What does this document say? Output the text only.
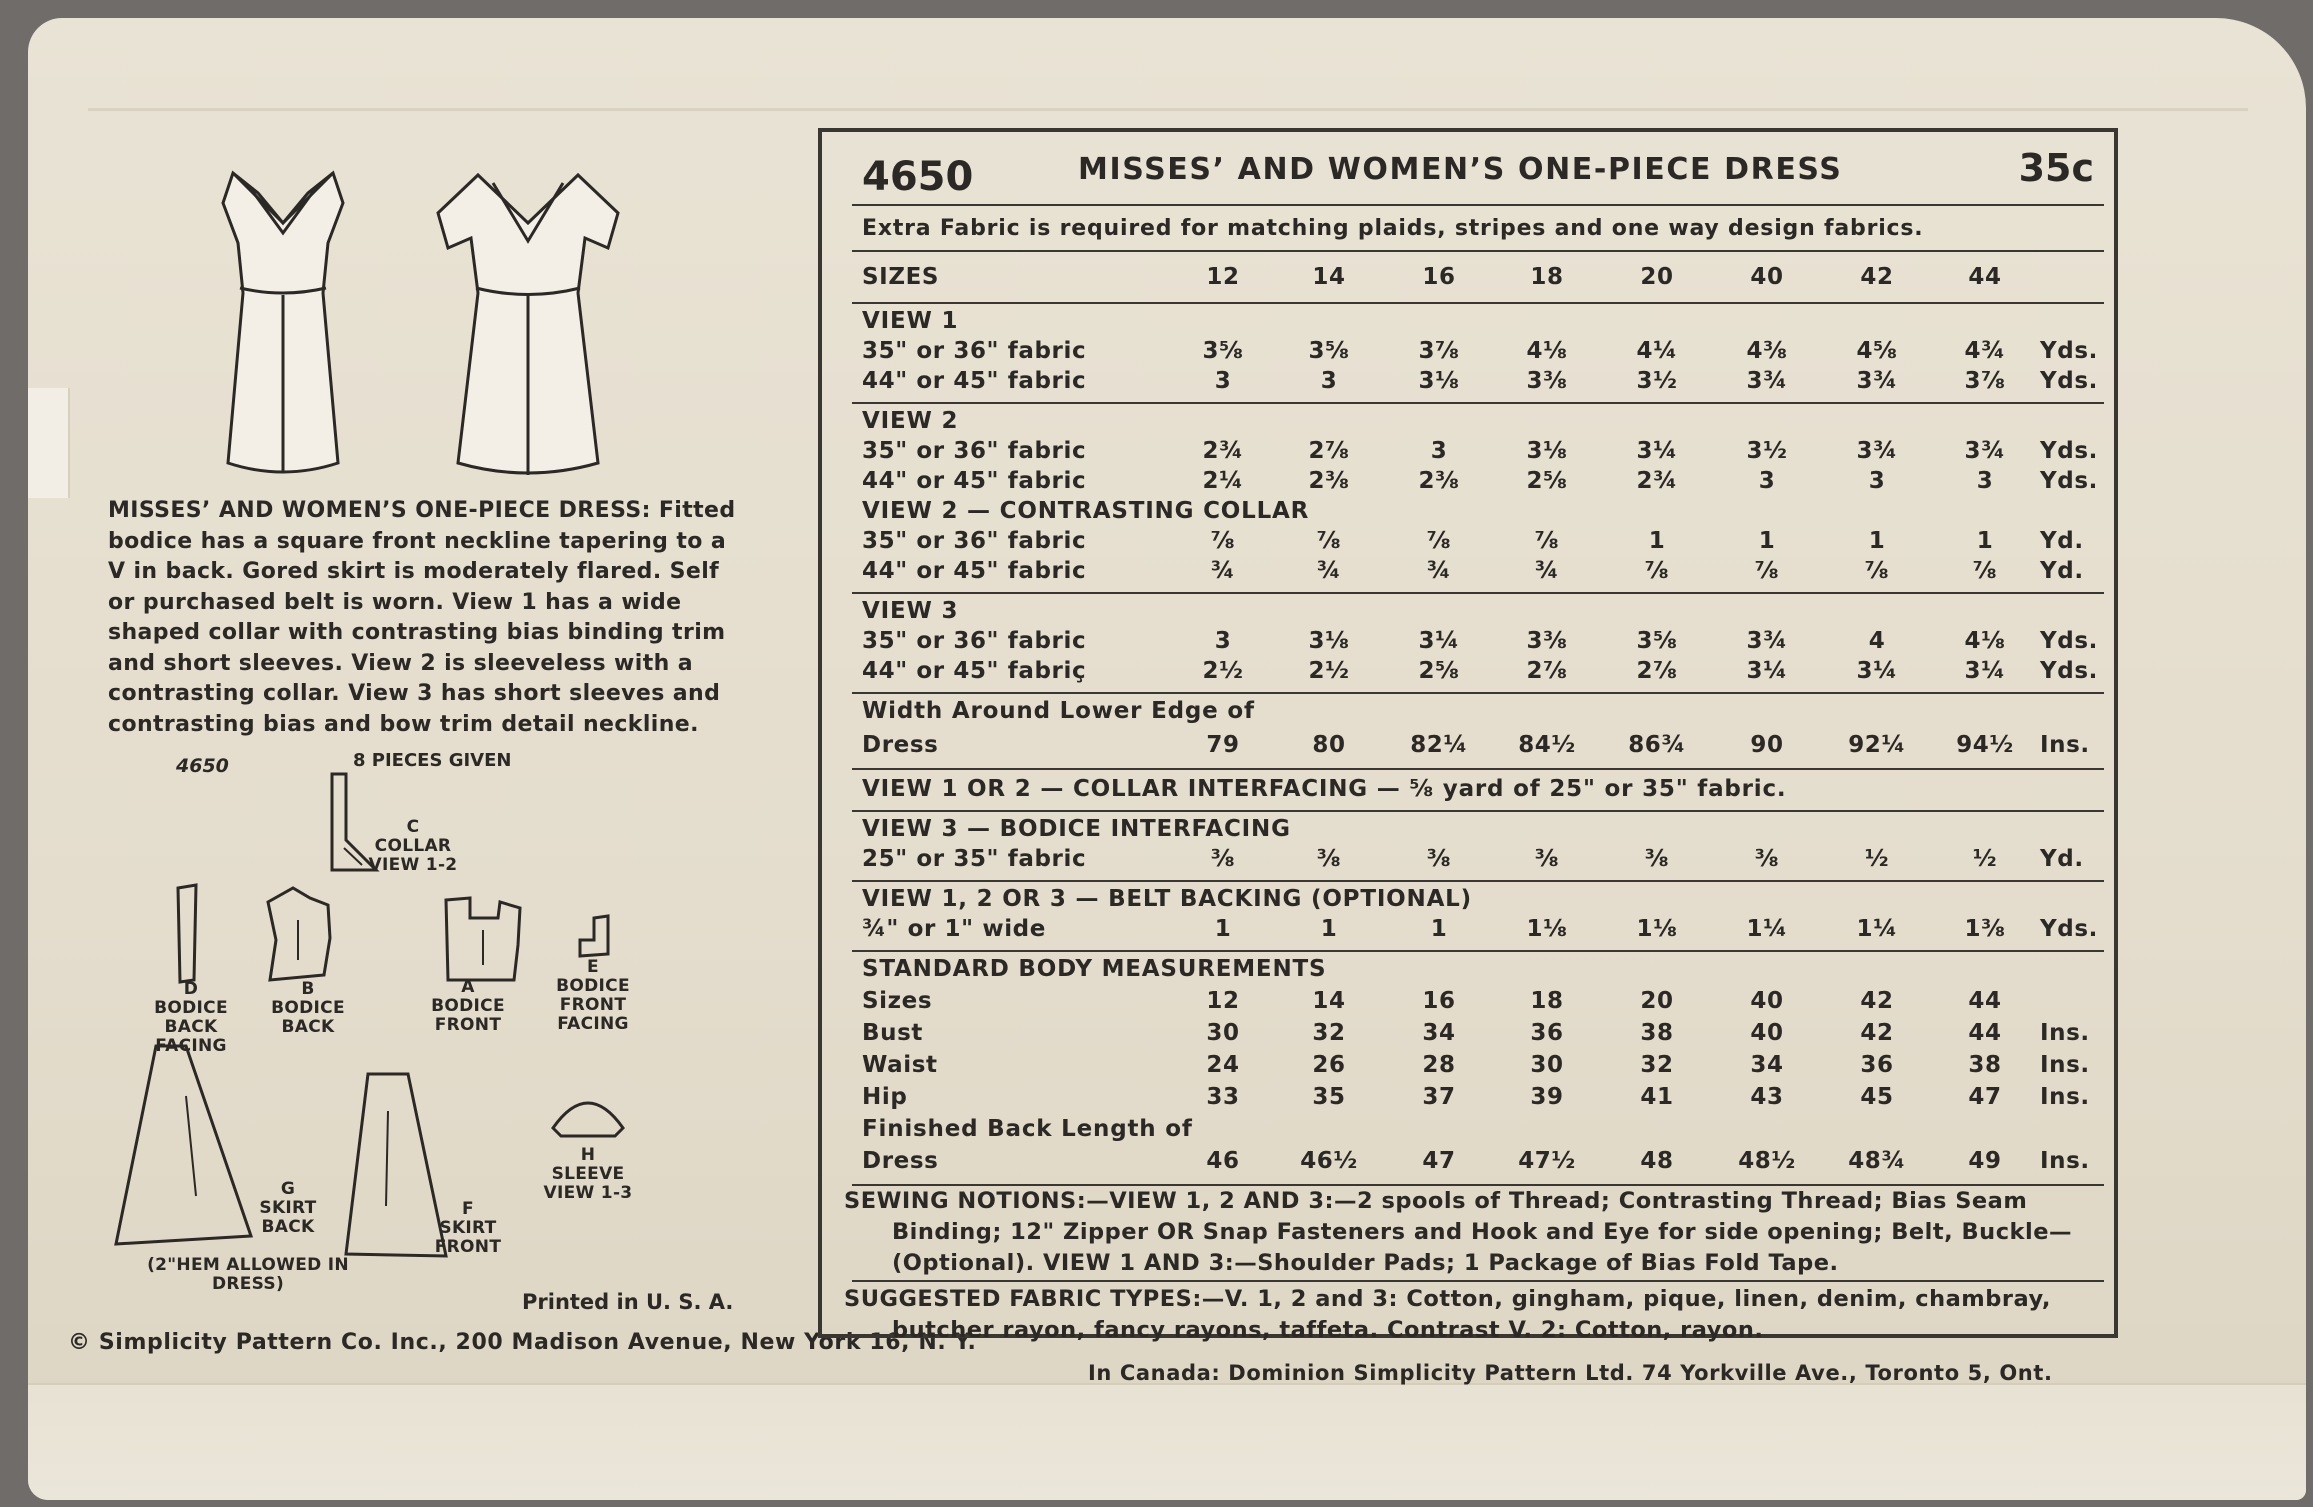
MISSES’ AND WOMEN’S ONE-PIECE DRESS: Fitted bodice has a square front neckline tapering to a V in back. Gored skirt is moderately flared. Self or purchased belt is worn. View 1 has a wide shaped collar with contrasting bias binding trim and short sleeves. View 2 is sleeveless with a contrasting collar. View 3 has short sleeves and contrasting bias and bow trim detail neckline.
4650	8 PIECES GIVEN
C
COLLAR VIEW 1-2
D
BODICE BACK FACING
B
BODICE BACK
A
BODICE FRONT
E
BODICE FRONT FACING
G
SKIRT BACK
(2"HEM ALLOWED IN DRESS)
F
SKIRT FRONT
H
SLEEVE VIEW 1-3
Printed in U. S. A.
© Simplicity Pattern Co. Inc., 200 Madison Avenue, New York 16, N. Y.
In Canada: Dominion Simplicity Pattern Ltd. 74 Yorkville Ave., Toronto 5, Ont.
4650	MISSES’ AND WOMEN’S ONE-PIECE DRESS	35c
Extra Fabric is required for matching plaids, stripes and one way design fabrics.
SIZES	12	14	16	18	20	40	42	44
VIEW 1
35" or 36" fabric	3⅝	3⅝	3⅞	4⅛	4¼	4⅜	4⅝	4¾	Yds.
44" or 45" fabric	3	3	3⅛	3⅜	3½	3¾	3¾	3⅞	Yds.
VIEW 2
35" or 36" fabric	2¾	2⅞	3	3⅛	3¼	3½	3¾	3¾	Yds.
44" or 45" fabric	2¼	2⅜	2⅜	2⅝	2¾	3	3	3	Yds.
VIEW 2 — CONTRASTING COLLAR
35" or 36" fabric	⅞	⅞	⅞	⅞	1	1	1	1	Yd.
44" or 45" fabric	¾	¾	¾	¾	⅞	⅞	⅞	⅞	Yd.
VIEW 3
35" or 36" fabric	3	3⅛	3¼	3⅜	3⅝	3¾	4	4⅛	Yds.
44" or 45" fabriç	2½	2½	2⅝	2⅞	2⅞	3¼	3¼	3¼	Yds.
Width Around Lower Edge of
Dress	79	80	82¼	84½	86¾	90	92¼	94½	Ins.
VIEW 1 OR 2 — COLLAR INTERFACING — ⅝ yard of 25" or 35" fabric.
VIEW 3 — BODICE INTERFACING
25" or 35" fabric	⅜	⅜	⅜	⅜	⅜	⅜	½	½	Yd.
VIEW 1, 2 OR 3 — BELT BACKING (OPTIONAL)
¾" or 1" wide	1	1	1	1⅛	1⅛	1¼	1¼	1⅜	Yds.
STANDARD BODY MEASUREMENTS
Sizes	12	14	16	18	20	40	42	44
Bust	30	32	34	36	38	40	42	44	Ins.
Waist	24	26	28	30	32	34	36	38	Ins.
Hip	33	35	37	39	41	43	45	47	Ins.
Finished Back Length of
Dress	46	46½	47	47½	48	48½	48¾	49	Ins.
SEWING NOTIONS:—VIEW 1, 2 AND 3:—2 spools of Thread; Contrasting Thread; Bias Seam
Binding; 12" Zipper OR Snap Fasteners and Hook and Eye for side opening; Belt, Buckle—
(Optional). VIEW 1 AND 3:—Shoulder Pads; 1 Package of Bias Fold Tape.
SUGGESTED FABRIC TYPES:—V. 1, 2 and 3: Cotton, gingham, pique, linen, denim, chambray,
butcher rayon, fancy rayons, taffeta. Contrast V. 2: Cotton, rayon.
